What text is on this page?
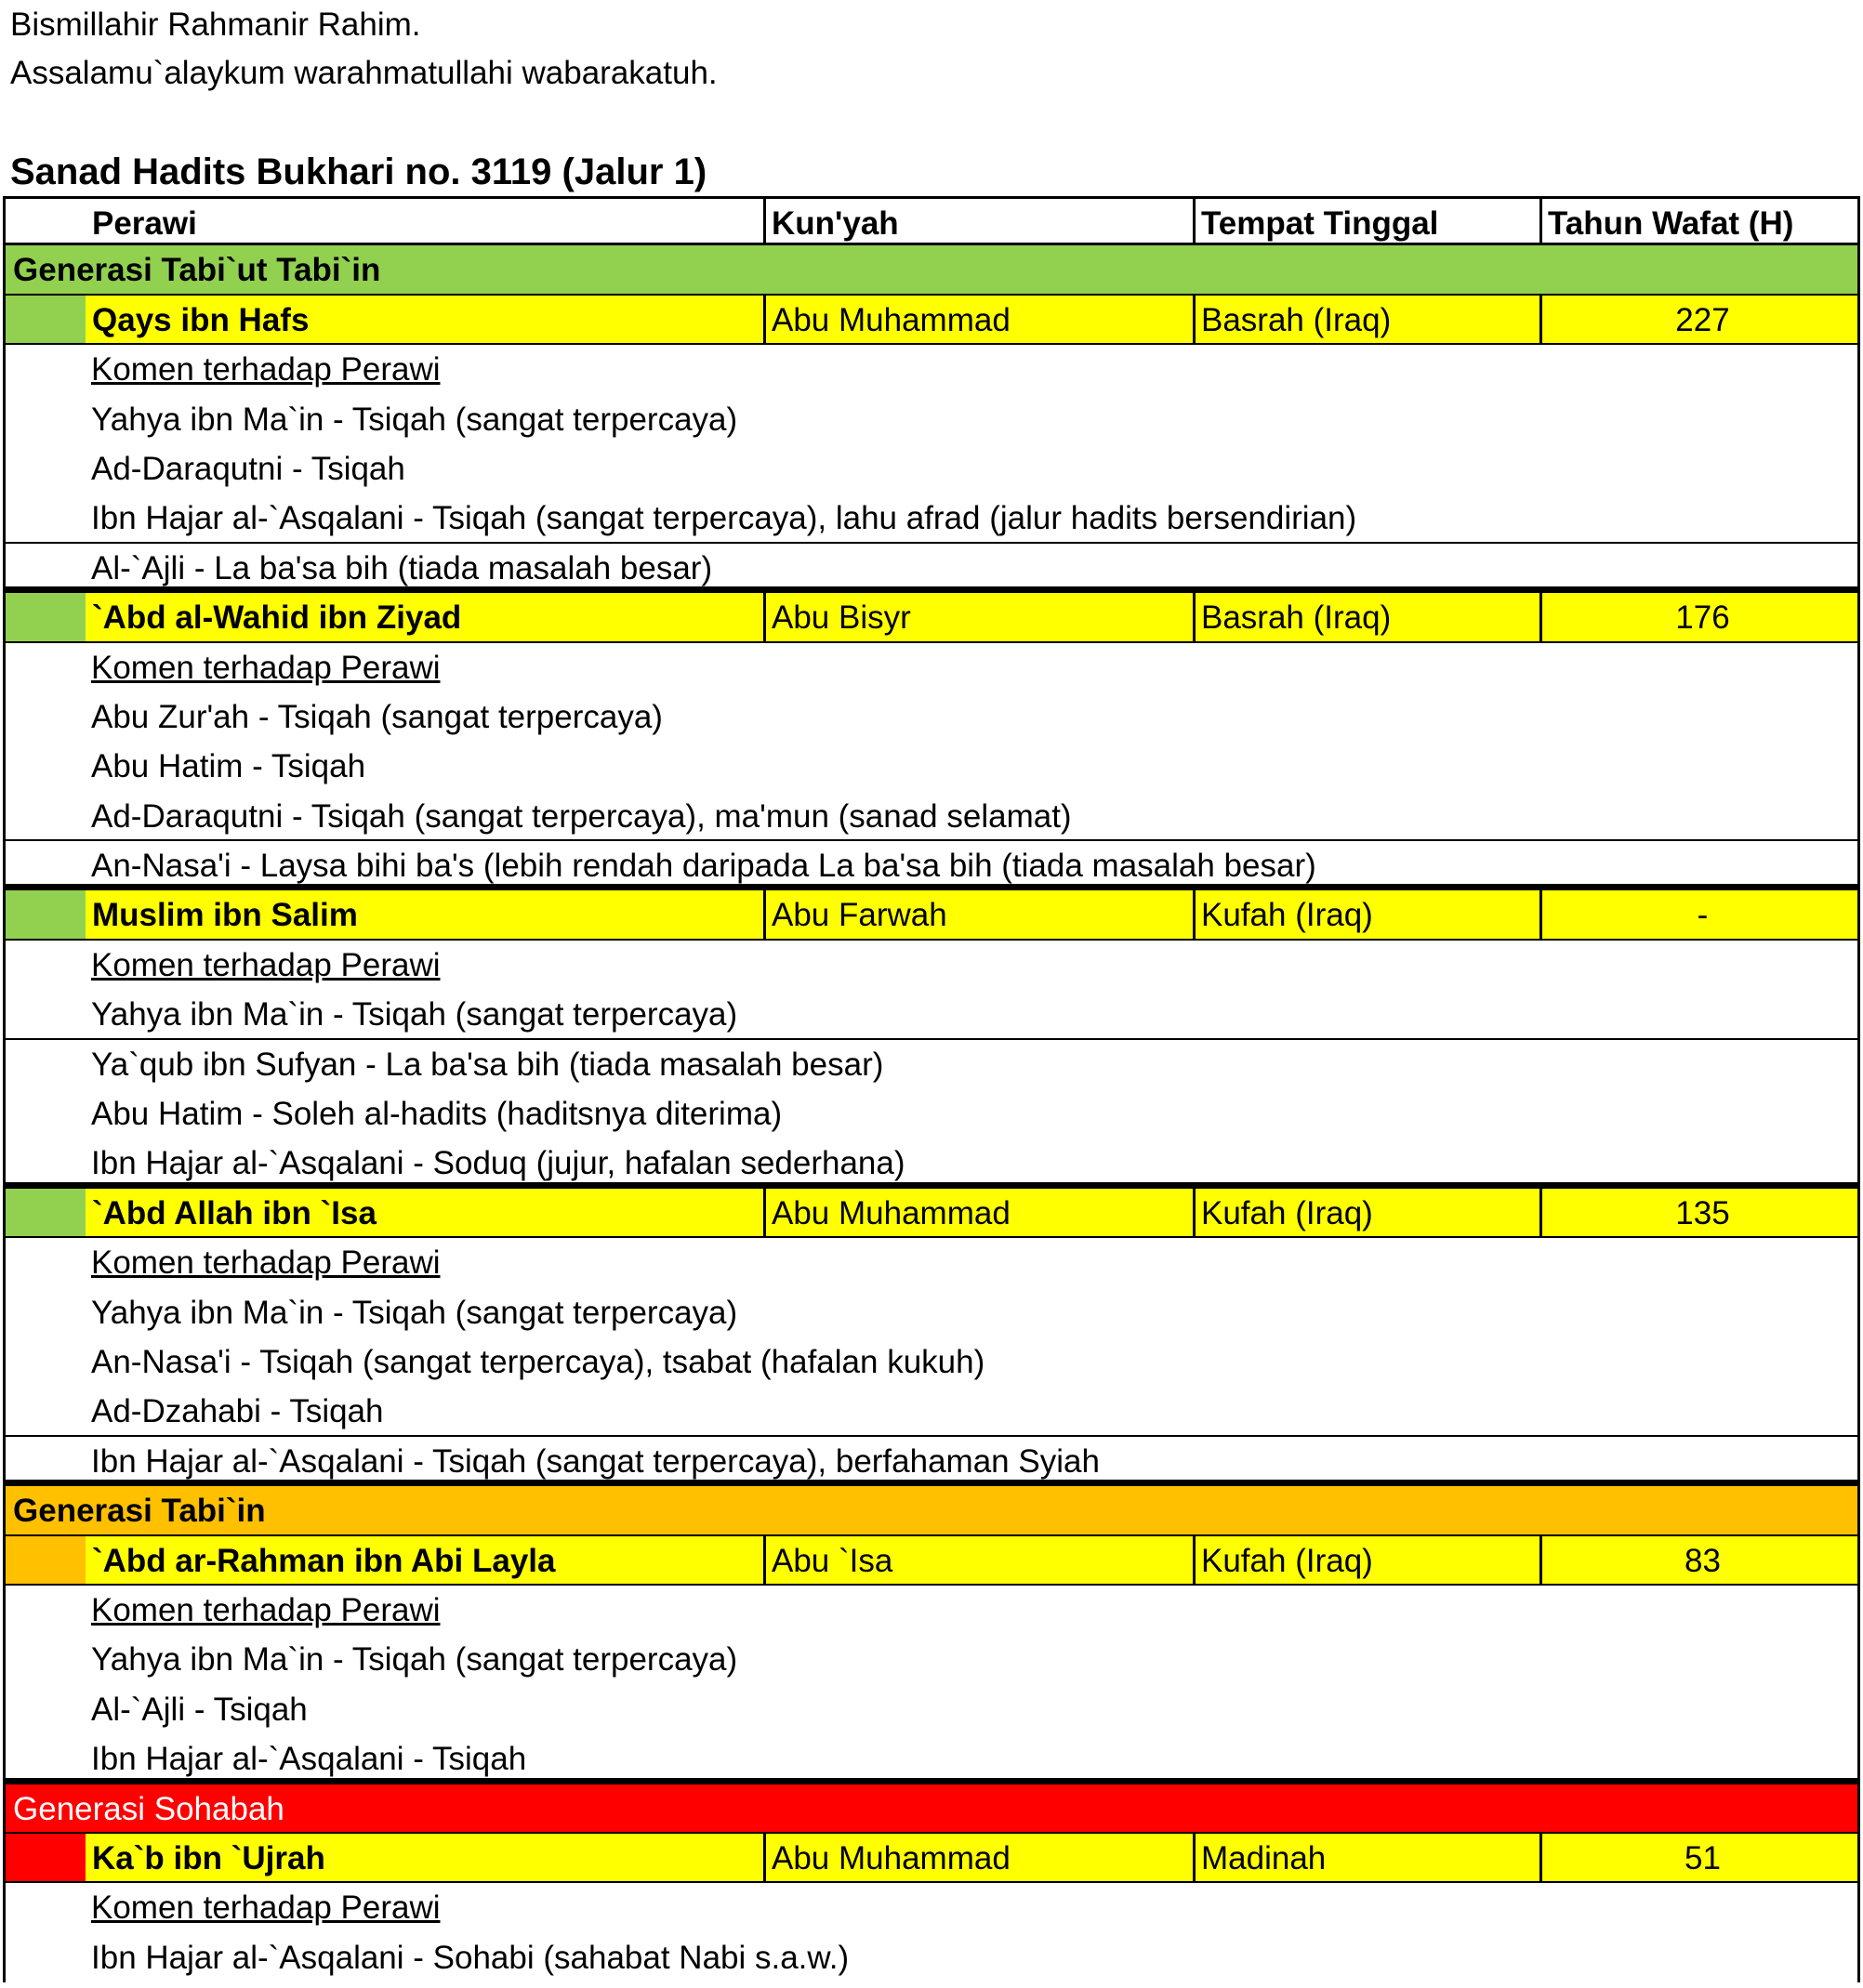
Bismillahir Rahmanir Rahim.
Assalamu`alaykum warahmatullahi wabarakatuh.
Sanad Hadits Bukhari no. 3119 (Jalur 1)
Perawi	Kun'yah	Tempat Tinggal	Tahun Wafat (H)
Generasi Tabi`ut Tabi`in
Qays ibn Hafs	Abu Muhammad	Basrah (Iraq)	227
Komen terhadap Perawi
Yahya ibn Ma`in - Tsiqah (sangat terpercaya)
Ad-Daraqutni - Tsiqah
Ibn Hajar al-`Asqalani - Tsiqah (sangat terpercaya), lahu afrad (jalur hadits bersendirian)
Al-`Ajli - La ba'sa bih (tiada masalah besar)
`Abd al-Wahid ibn Ziyad	Abu Bisyr	Basrah (Iraq)	176
Komen terhadap Perawi
Abu Zur'ah - Tsiqah (sangat terpercaya)
Abu Hatim - Tsiqah
Ad-Daraqutni - Tsiqah (sangat terpercaya), ma'mun (sanad selamat)
An-Nasa'i - Laysa bihi ba's (lebih rendah daripada La ba'sa bih (tiada masalah besar)
Muslim ibn Salim	Abu Farwah	Kufah (Iraq)	-
Komen terhadap Perawi
Yahya ibn Ma`in - Tsiqah (sangat terpercaya)
Ya`qub ibn Sufyan - La ba'sa bih (tiada masalah besar)
Abu Hatim - Soleh al-hadits (haditsnya diterima)
Ibn Hajar al-`Asqalani - Soduq (jujur, hafalan sederhana)
`Abd Allah ibn `Isa	Abu Muhammad	Kufah (Iraq)	135
Komen terhadap Perawi
Yahya ibn Ma`in - Tsiqah (sangat terpercaya)
An-Nasa'i - Tsiqah (sangat terpercaya), tsabat (hafalan kukuh)
Ad-Dzahabi - Tsiqah
Ibn Hajar al-`Asqalani - Tsiqah (sangat terpercaya), berfahaman Syiah
Generasi Tabi`in
`Abd ar-Rahman ibn Abi Layla	Abu `Isa	Kufah (Iraq)	83
Komen terhadap Perawi
Yahya ibn Ma`in - Tsiqah (sangat terpercaya)
Al-`Ajli - Tsiqah
Ibn Hajar al-`Asqalani - Tsiqah
Generasi Sohabah
Ka`b ibn `Ujrah	Abu Muhammad	Madinah	51
Komen terhadap Perawi
Ibn Hajar al-`Asqalani - Sohabi (sahabat Nabi s.a.w.)
